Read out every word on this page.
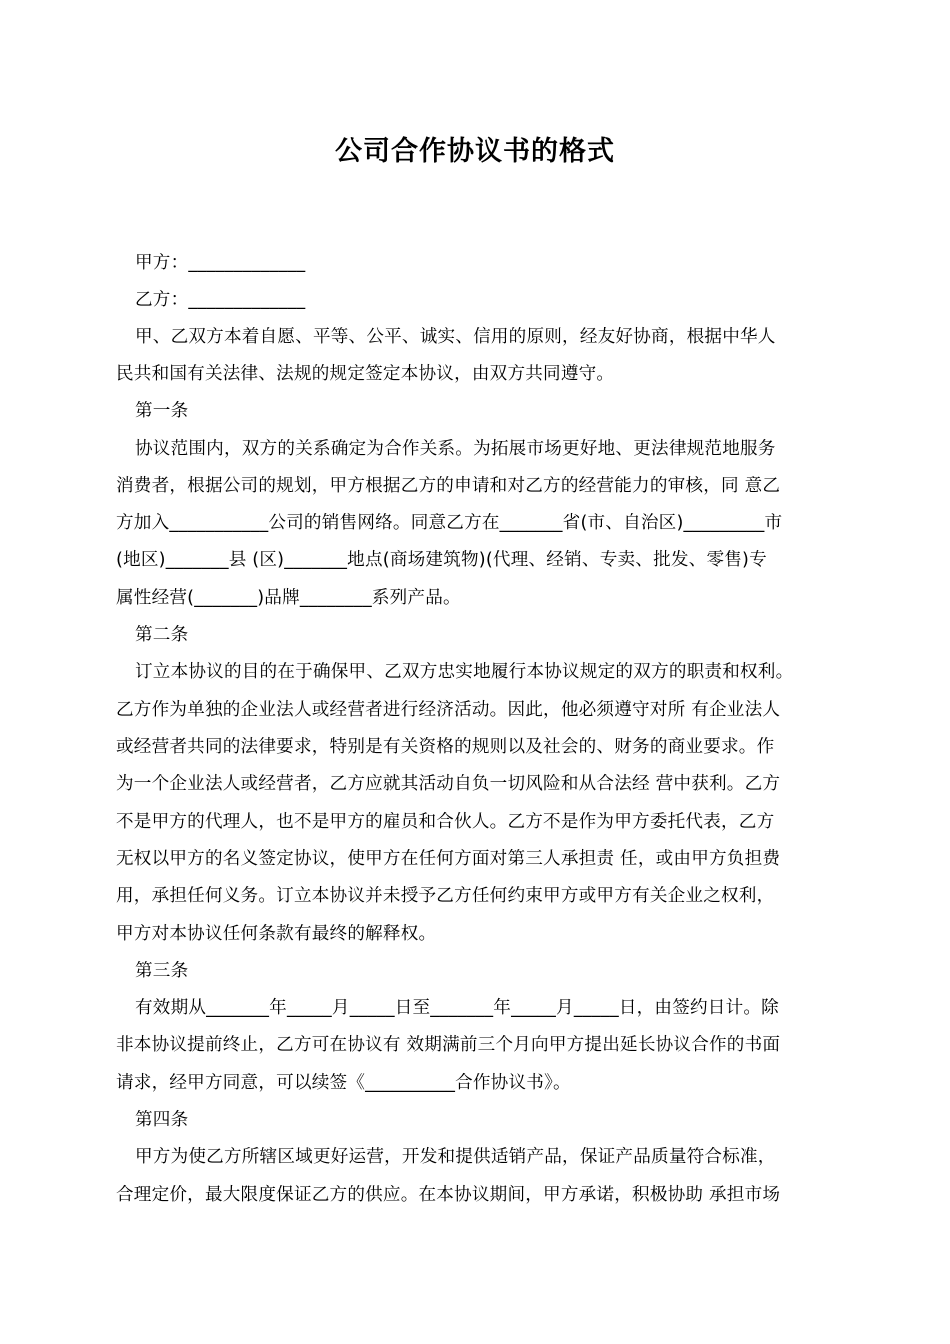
公司合作协议书的格式
甲方：_____________
乙方：_____________
甲、乙双方本着自愿、平等、公平、诚实、信用的原则，经友好协商，根据中华人
民共和国有关法律、法规的规定签定本协议，由双方共同遵守。
第一条
协议范围内，双方的关系确定为合作关系。为拓展市场更好地、更法律规范地服务
消费者，根据公司的规划，甲方根据乙方的申请和对乙方的经营能力的审核，同 意乙
方加入___________公司的销售网络。同意乙方在_______省(市、自治区)_________市
(地区)_______县 (区)_______地点(商场建筑物)(代理、经销、专卖、批发、零售)专
属性经营(_______)品牌________系列产品。
第二条
订立本协议的目的在于确保甲、乙双方忠实地履行本协议规定的双方的职责和权利。
乙方作为单独的企业法人或经营者进行经济活动。因此，他必须遵守对所 有企业法人
或经营者共同的法律要求，特别是有关资格的规则以及社会的、财务的商业要求。作
为一个企业法人或经营者，乙方应就其活动自负一切风险和从合法经 营中获利。乙方
不是甲方的代理人，也不是甲方的雇员和合伙人。乙方不是作为甲方委托代表，乙方
无权以甲方的名义签定协议，使甲方在任何方面对第三人承担责 任，或由甲方负担费
用，承担任何义务。订立本协议并未授予乙方任何约束甲方或甲方有关企业之权利，
甲方对本协议任何条款有最终的解释权。
第三条
有效期从_______年_____月_____日至_______年_____月_____日，由签约日计。除
非本协议提前终止，乙方可在协议有 效期满前三个月向甲方提出延长协议合作的书面
请求，经甲方同意，可以续签《__________合作协议书》。
第四条
甲方为使乙方所辖区域更好运营，开发和提供适销产品，保证产品质量符合标准，
合理定价，最大限度保证乙方的供应。在本协议期间，甲方承诺，积极协助 承担市场
